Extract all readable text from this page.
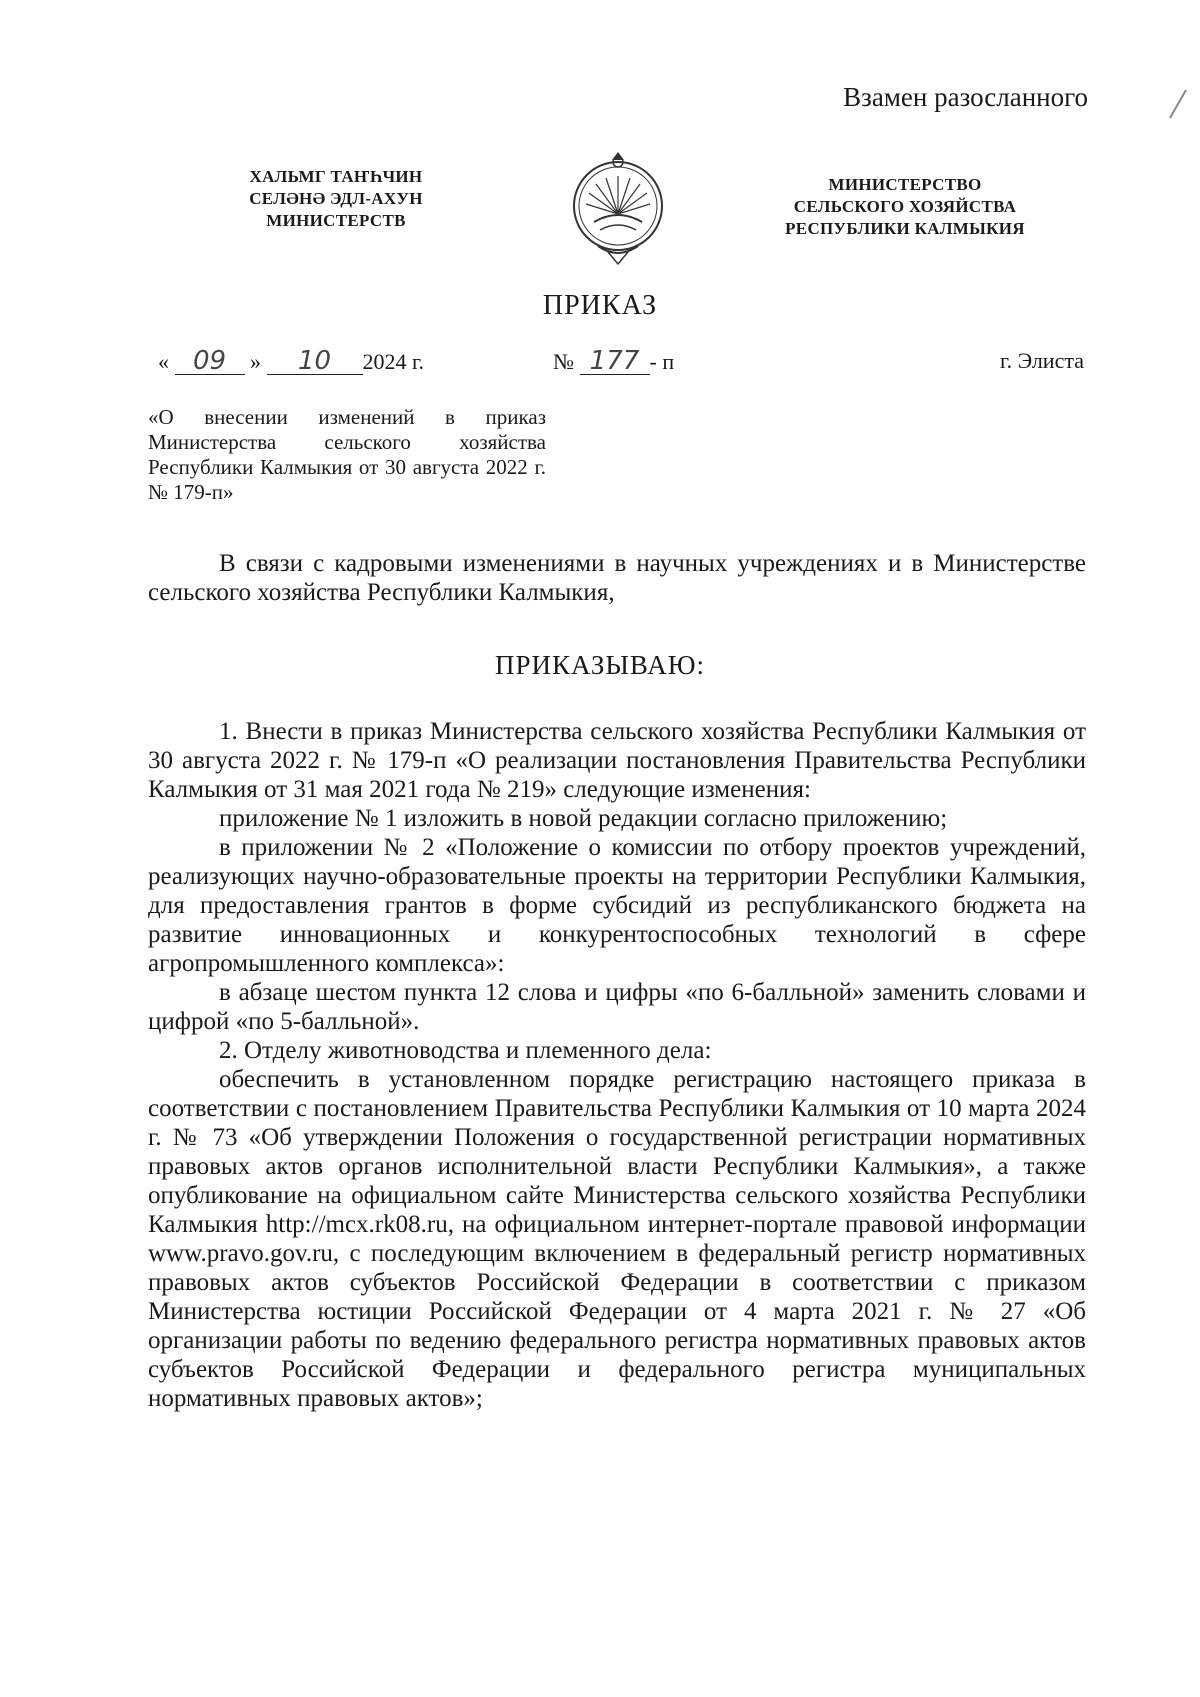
Взамен разосланного
ХАЛЬМГ ТАҤҺЧИН
СЕЛӘНӘ ЭДЛ-АХУН
МИНИСТЕРСТВ
МИНИСТЕРСТВО
СЕЛЬСКОГО ХОЗЯЙСТВА
РЕСПУБЛИКИ КАЛМЫКИЯ
ПРИКАЗ
« 09 » 10 2024 г.	№ 177 - п	г. Элиста
«О внесении изменений в приказ Министерства сельского хозяйства Республики Калмыкия от 30 августа 2022 г. № 179-п»

В связи с кадровыми изменениями в научных учреждениях и в Министерстве сельского хозяйства Республики Калмыкия,

ПРИКАЗЫВАЮ:

1. Внести в приказ Министерства сельского хозяйства Республики Калмыкия от 30 августа 2022 г. № 179-п «О реализации постановления Правительства Республики Калмыкия от 31 мая 2021 года № 219» следующие изменения:

приложение № 1 изложить в новой редакции согласно приложению;

в приложении № 2 «Положение о комиссии по отбору проектов учреждений, реализующих научно-образовательные проекты на территории Республики Калмыкия, для предоставления грантов в форме субсидий из республиканского бюджета на развитие инновационных и конкурентоспособных технологий в сфере агропромышленного комплекса»:

в абзаце шестом пункта 12 слова и цифры «по 6-балльной» заменить словами и цифрой «по 5-балльной».

2. Отделу животноводства и племенного дела:

обеспечить в установленном порядке регистрацию настоящего приказа в соответствии с постановлением Правительства Республики Калмыкия от 10 марта 2024 г. № 73 «Об утверждении Положения о государственной регистрации нормативных правовых актов органов исполнительной власти Республики Калмыкия», а также опубликование на официальном сайте Министерства сельского хозяйства Республики Калмыкия http://mcx.rk08.ru, на официальном интернет-портале правовой информации www.pravo.gov.ru, с последующим включением в федеральный регистр нормативных правовых актов субъектов Российской Федерации в соответствии с приказом Министерства юстиции Российской Федерации от 4 марта 2021 г. № 27 «Об организации работы по ведению федерального регистра нормативных правовых актов субъектов Российской Федерации и федерального регистра муниципальных нормативных правовых актов»;
